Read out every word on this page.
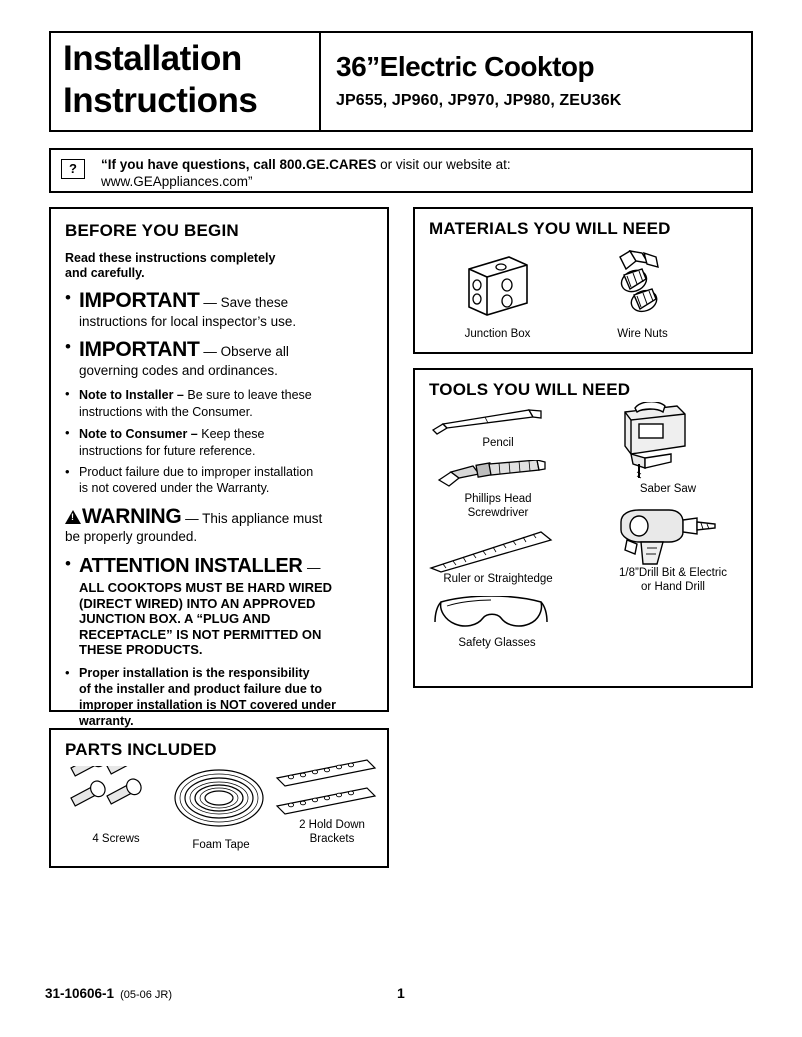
Installation
Instructions
36”Electric Cooktop
JP655, JP960, JP970, JP980, ZEU36K
?	“If you have questions, call 800.GE.CARES or visit our website at:
www.GEAppliances.com”
BEFORE YOU BEGIN
Read these instructions completely
and carefully.
• IMPORTANT — Save these
instructions for local inspector’s use.
• IMPORTANT — Observe all
governing codes and ordinances.
• Note to Installer – Be sure to leave these
instructions with the Consumer.
• Note to Consumer – Keep these
instructions for future reference.
• Product failure due to improper installation
is not covered under the Warranty.
!WARNING — This appliance must
be properly grounded.
• ATTENTION INSTALLER —
ALL COOKTOPS MUST BE HARD WIRED
(DIRECT WIRED) INTO AN APPROVED
JUNCTION BOX. A “PLUG AND
RECEPTACLE” IS NOT PERMITTED ON
THESE PRODUCTS.
• Proper installation is the responsibility
of the installer and product failure due to
improper installation is NOT covered under
warranty.
MATERIALS YOU WILL NEED
Junction Box	Wire Nuts
TOOLS YOU WILL NEED
Pencil
Phillips Head
Screwdriver
Ruler or Straightedge
Safety Glasses
Saber Saw
1/8”Drill Bit & Electric
or Hand Drill
PARTS INCLUDED
4 Screws	Foam Tape
2 Hold Down
Brackets
31-10606-1 (05-06 JR)	1
